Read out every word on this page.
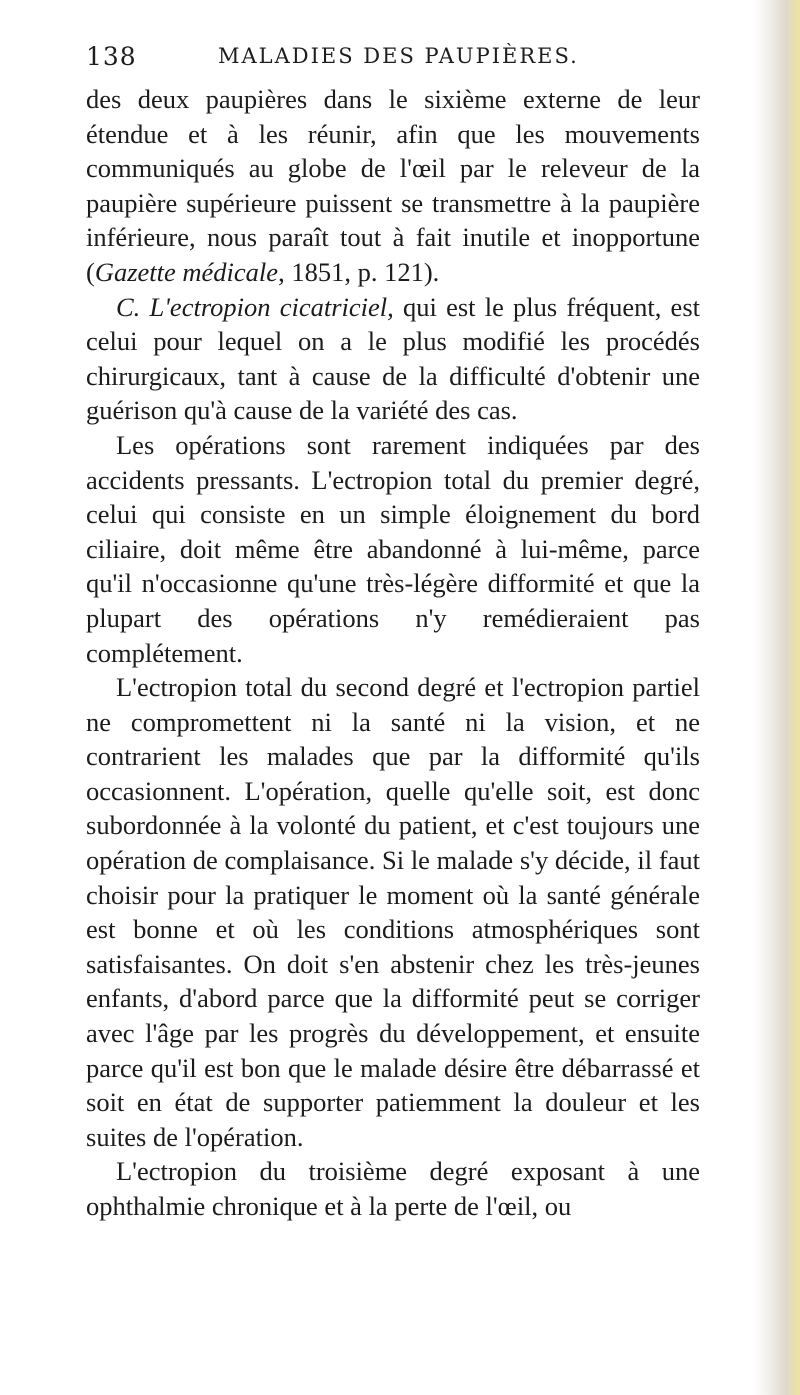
138	MALADIES DES PAUPIÈRES.

des deux paupières dans le sixième externe de leur étendue et à les réunir, afin que les mouvements communiqués au globe de l'œil par le releveur de la paupière supérieure puissent se transmettre à la paupière inférieure, nous paraît tout à fait inutile et inopportune (Gazette médicale, 1851, p. 121).

C. L'ectropion cicatriciel, qui est le plus fréquent, est celui pour lequel on a le plus modifié les procédés chirurgicaux, tant à cause de la difficulté d'obtenir une guérison qu'à cause de la variété des cas.

Les opérations sont rarement indiquées par des accidents pressants. L'ectropion total du premier degré, celui qui consiste en un simple éloignement du bord ciliaire, doit même être abandonné à lui-même, parce qu'il n'occasionne qu'une très-légère difformité et que la plupart des opérations n'y remédieraient pas complétement.

L'ectropion total du second degré et l'ectropion partiel ne compromettent ni la santé ni la vision, et ne contrarient les malades que par la difformité qu'ils occasionnent. L'opération, quelle qu'elle soit, est donc subordonnée à la volonté du patient, et c'est toujours une opération de complaisance. Si le malade s'y décide, il faut choisir pour la pratiquer le moment où la santé générale est bonne et où les conditions atmosphériques sont satisfaisantes. On doit s'en abstenir chez les très-jeunes enfants, d'abord parce que la difformité peut se corriger avec l'âge par les progrès du développement, et ensuite parce qu'il est bon que le malade désire être débarrassé et soit en état de supporter patiemment la douleur et les suites de l'opération.

L'ectropion du troisième degré exposant à une ophthalmie chronique et à la perte de l'œil, ou
